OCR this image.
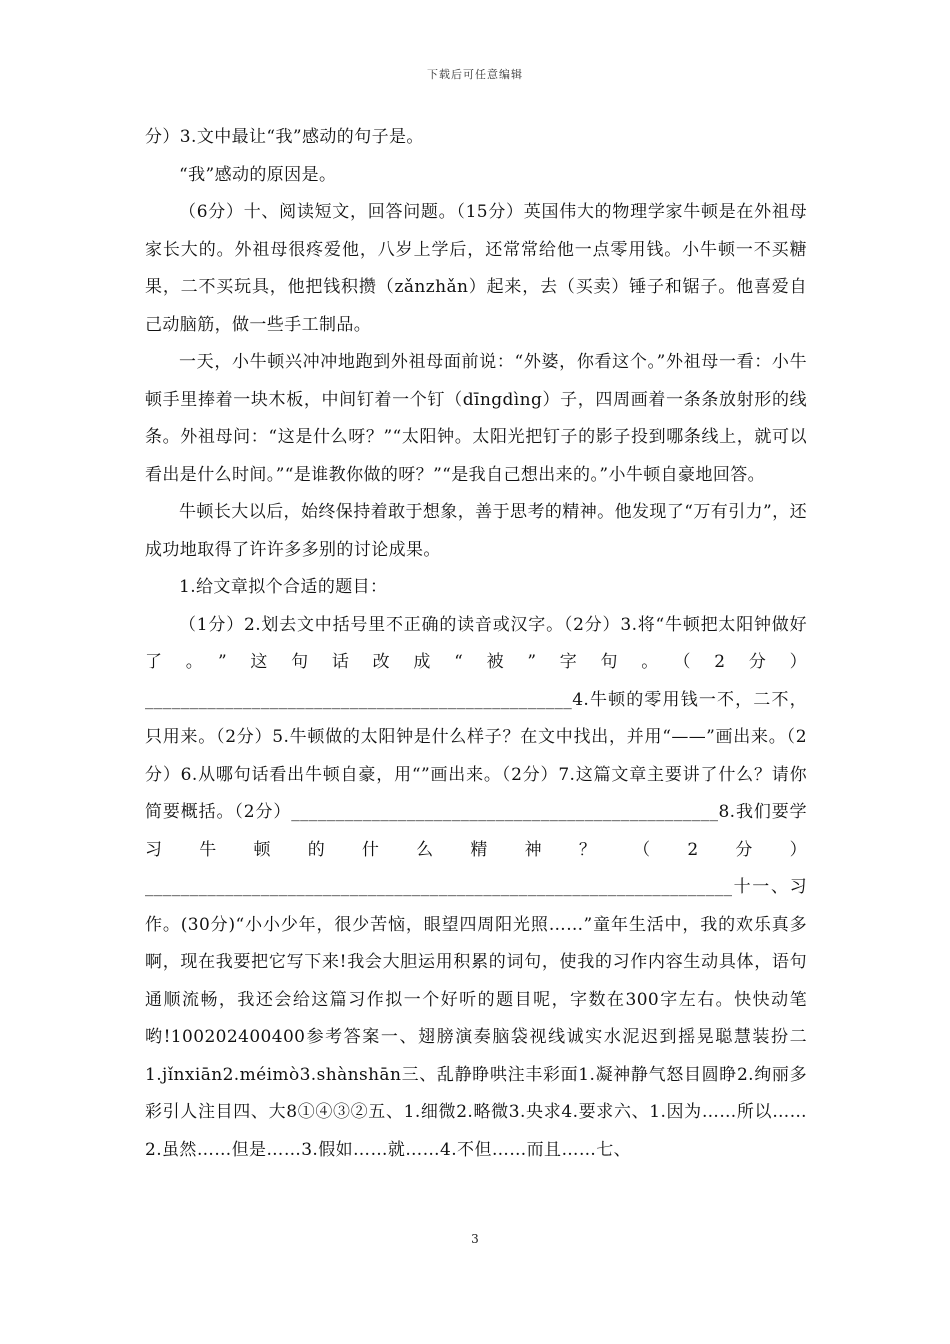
下载后可任意编辑

分）3.文中最让“我”感动的句子是。

“我”感动的原因是。

（6分）十、阅读短文，回答问题。（15分）英国伟大的物理学家牛顿是在外祖母家长大的。外祖母很疼爱他，八岁上学后，还常常给他一点零用钱。小牛顿一不买糖果，二不买玩具，他把钱积攒（zǎnzhǎn）起来，去（买卖）锤子和锯子。他喜爱自己动脑筋，做一些手工制品。

一天，小牛顿兴冲冲地跑到外祖母面前说：“外婆，你看这个。”外祖母一看：小牛顿手里捧着一块木板，中间钉着一个钉（dīngdìng）子，四周画着一条条放射形的线条。外祖母问：“这是什么呀？”“太阳钟。太阳光把钉子的影子投到哪条线上，就可以看出是什么时间。”“是谁教你做的呀？”“是我自己想出来的。”小牛顿自豪地回答。

牛顿长大以后，始终保持着敢于想象，善于思考的精神。他发现了“万有引力”，还成功地取得了许许多多别的讨论成果。

1.给文章拟个合适的题目：

（1分）2.划去文中括号里不正确的读音或汉字。（2分）3.将“牛顿把太阳钟做好了。”这句话改成“被”字句。（2分）________________________________________________4.牛顿的零用钱一不，二不，只用来。（2分）5.牛顿做的太阳钟是什么样子？在文中找出，并用“——”画出来。（2分）6.从哪句话看出牛顿自豪，用“”画出来。（2分）7.这篇文章主要讲了什么？请你简要概括。（2分）________________________________________________8.我们要学习牛顿的什么精神？（2分）__________________________________________________________________十一、习作。(30分)“小小少年，很少苦恼，眼望四周阳光照……”童年生活中，我的欢乐真多啊，现在我要把它写下来!我会大胆运用积累的词句，使我的习作内容生动具体，语句通顺流畅，我还会给这篇习作拟一个好听的题目呢，字数在300字左右。快快动笔哟!100202400400参考答案一、翅膀演奏脑袋视线诚实水泥迟到摇晃聪慧装扮二1.jǐnxiān2.méimò3.shànshān三、乱静睁哄注丰彩面1.凝神静气怒目圆睁2.绚丽多彩引人注目四、大8①④③②五、1.细微2.略微3.央求4.要求六、1.因为……所以……2.虽然……但是……3.假如……就……4.不但……而且……七、

3
